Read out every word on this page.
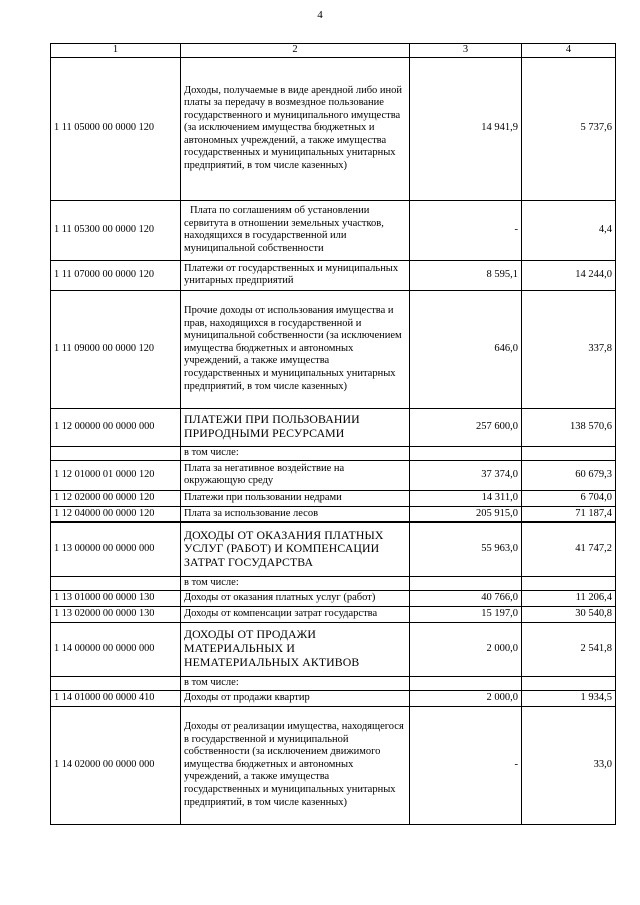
4
1	2	3	4
1 11 05000 00 0000 120	Доходы, получаемые в виде арендной либо иной платы за передачу в возмездное пользование государственного и муниципального имущества (за исключением имущества бюджетных и автономных учреждений, а также имущества государственных и муниципальных унитарных предприятий, в том числе казенных)	14 941,9	5 737,6
1 11 05300 00 0000 120	Плата по соглашениям об установлении сервитута в отношении земельных участков, находящихся в государственной или муниципальной собственности	-	4,4
1 11 07000 00 0000 120	Платежи от государственных и муниципальных унитарных предприятий	8 595,1	14 244,0
1 11 09000 00 0000 120	Прочие доходы от использования имущества и прав, находящихся в государственной и муниципальной собственности (за исключением имущества бюджетных и автономных учреждений, а также имущества государственных и муниципальных унитарных предприятий, в том числе казенных)	646,0	337,8
1 12 00000 00 0000 000	ПЛАТЕЖИ ПРИ ПОЛЬЗОВАНИИ ПРИРОДНЫМИ РЕСУРСАМИ	257 600,0	138 570,6
	в том числе:		
1 12 01000 01 0000 120	Плата за негативное воздействие на окружающую среду	37 374,0	60 679,3
1 12 02000 00 0000 120	Платежи при пользовании недрами	14 311,0	6 704,0
1 12 04000 00 0000 120	Плата за использование лесов	205 915,0	71 187,4
1 13 00000 00 0000 000	ДОХОДЫ ОТ ОКАЗАНИЯ ПЛАТНЫХ УСЛУГ (РАБОТ) И КОМПЕНСАЦИИ ЗАТРАТ ГОСУДАРСТВА	55 963,0	41 747,2
	в том числе:		
1 13 01000 00 0000 130	Доходы от оказания платных услуг (работ)	40 766,0	11 206,4
1 13 02000 00 0000 130	Доходы от компенсации затрат государства	15 197,0	30 540,8
1 14 00000 00 0000 000	ДОХОДЫ ОТ ПРОДАЖИ МАТЕРИАЛЬНЫХ И НЕМАТЕРИАЛЬНЫХ АКТИВОВ	2 000,0	2 541,8
	в том числе:		
1 14 01000 00 0000 410	Доходы от продажи квартир	2 000,0	1 934,5
1 14 02000 00 0000 000	Доходы от реализации имущества, находящегося в государственной и муниципальной собственности (за исключением движимого имущества бюджетных и автономных учреждений, а также имущества государственных и муниципальных унитарных предприятий, в том числе казенных)	-	33,0
